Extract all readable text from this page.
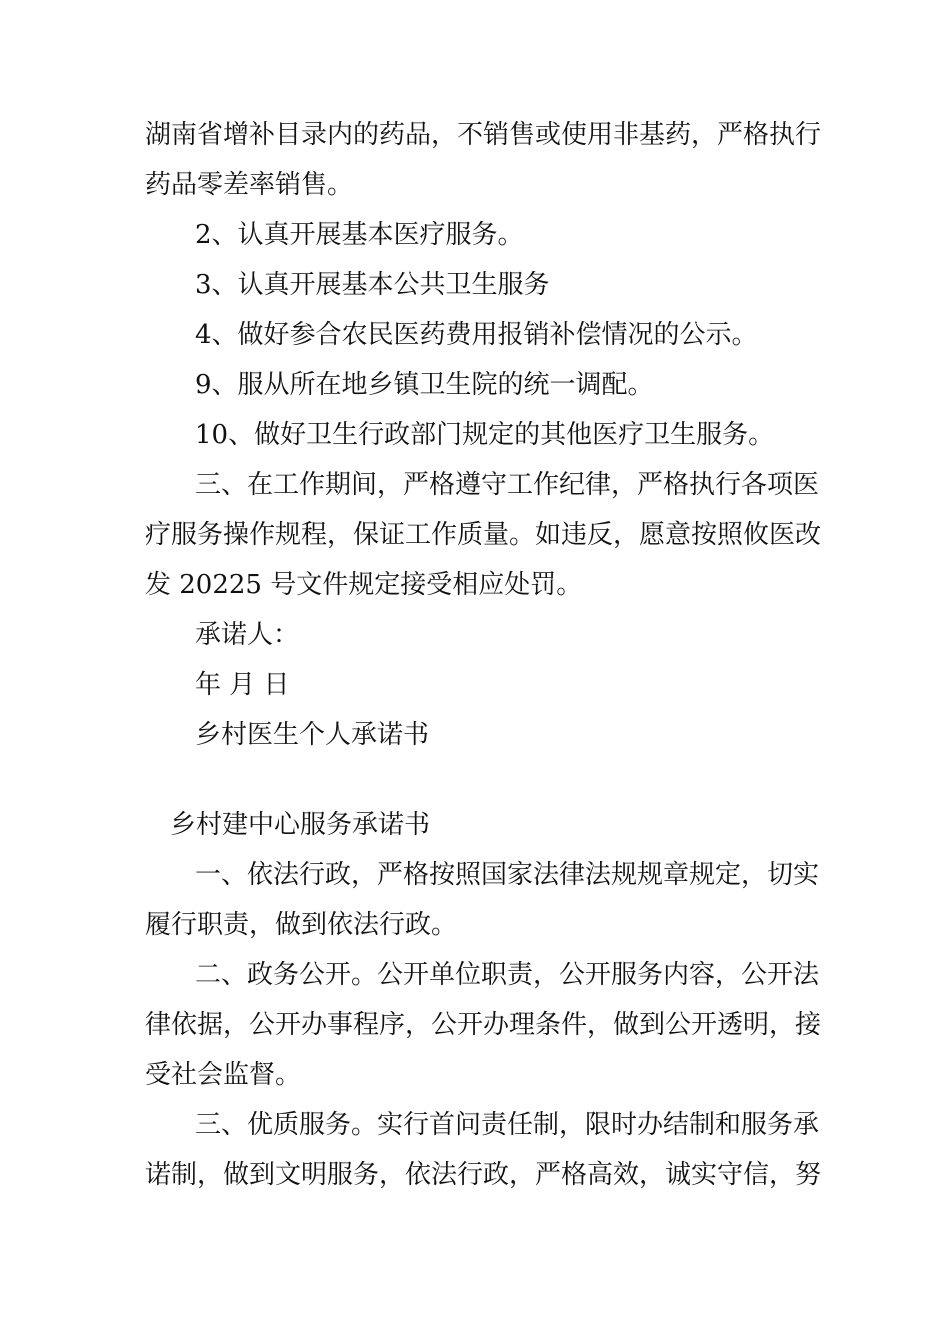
湖南省增补目录内的药品，不销售或使用非基药，严格执行

药品零差率销售。

2、认真开展基本医疗服务。

3、认真开展基本公共卫生服务

4、做好参合农民医药费用报销补偿情况的公示。

9、服从所在地乡镇卫生院的统一调配。

10、做好卫生行政部门规定的其他医疗卫生服务。

三、在工作期间，严格遵守工作纪律，严格执行各项医

疗服务操作规程，保证工作质量。如违反，愿意按照攸医改

发 20225 号文件规定接受相应处罚。

承诺人：

年 月 日

乡村医生个人承诺书

乡村建中心服务承诺书

一、依法行政，严格按照国家法律法规规章规定，切实

履行职责，做到依法行政。

二、政务公开。公开单位职责，公开服务内容，公开法

律依据，公开办事程序，公开办理条件，做到公开透明，接

受社会监督。

三、优质服务。实行首问责任制，限时办结制和服务承

诺制，做到文明服务，依法行政，严格高效，诚实守信，努
